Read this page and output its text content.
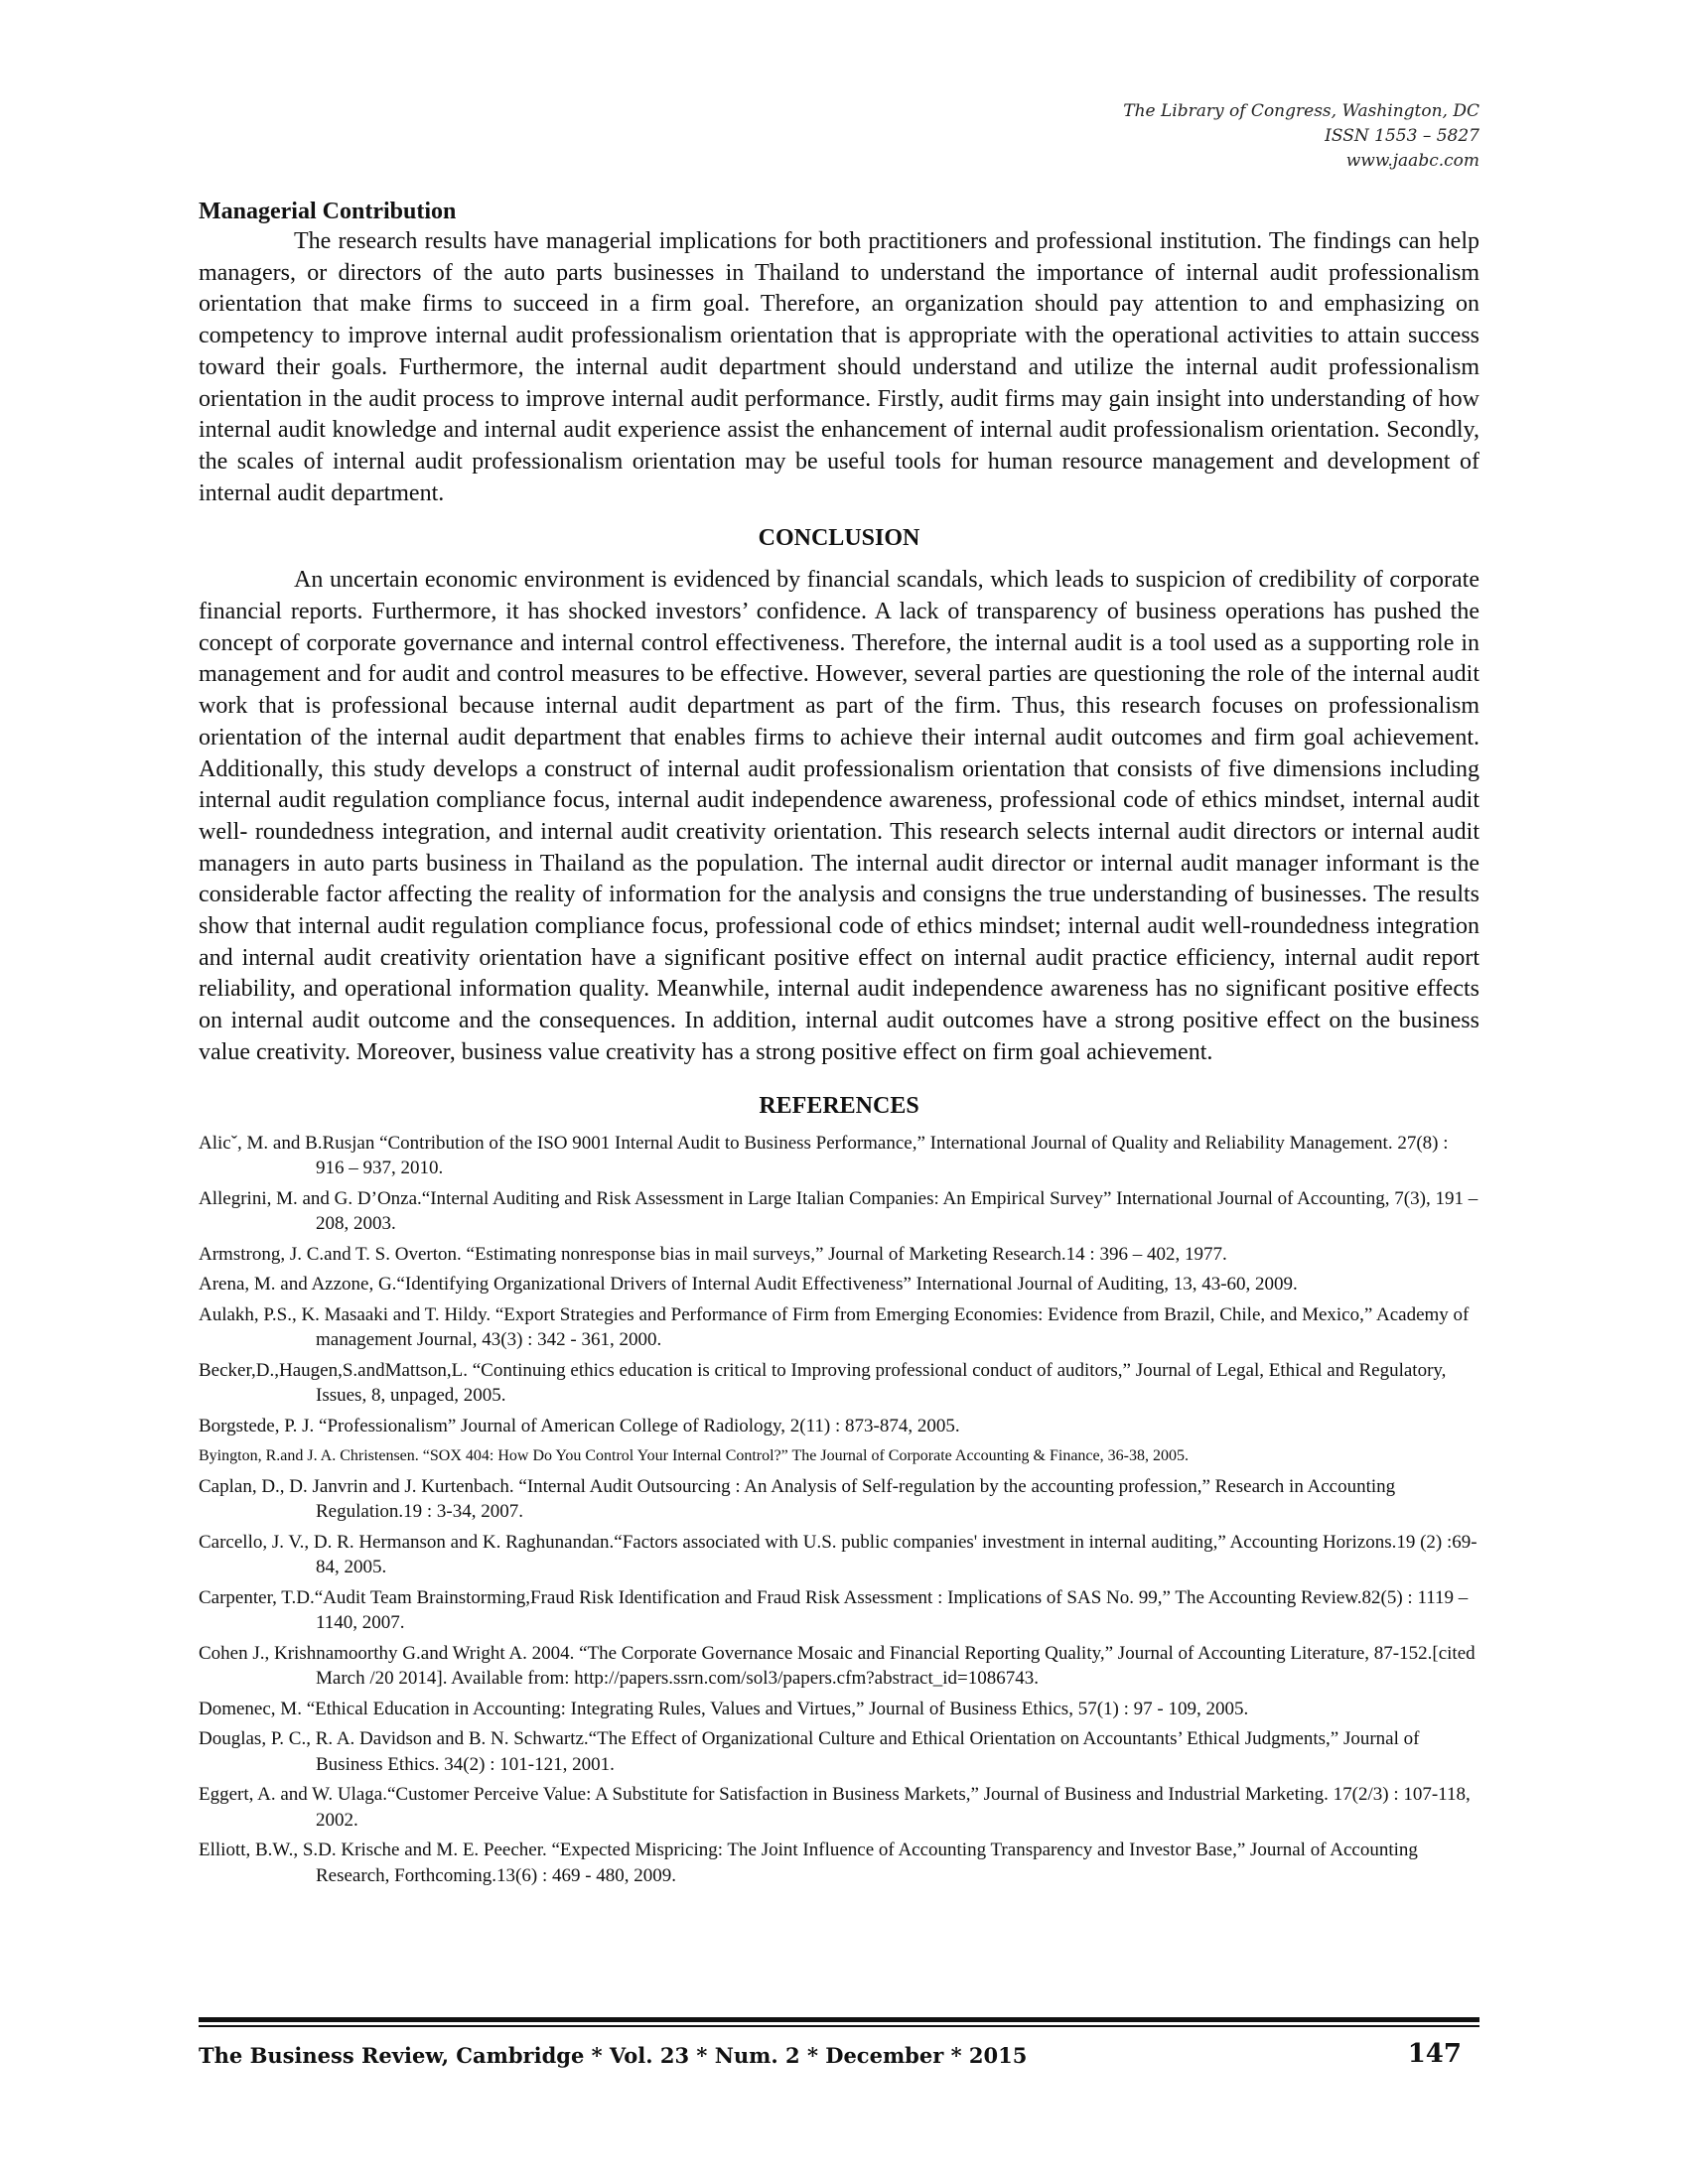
The Library of Congress, Washington, DC
ISSN 1553 – 5827
www.jaabc.com
Managerial Contribution

The research results have managerial implications for both practitioners and professional institution. The findings can help managers, or directors of the auto parts businesses in Thailand to understand the importance of internal audit professionalism orientation that make firms to succeed in a firm goal. Therefore, an organization should pay attention to and emphasizing on competency to improve internal audit professionalism orientation that is appropriate with the operational activities to attain success toward their goals. Furthermore, the internal audit department should understand and utilize the internal audit professionalism orientation in the audit process to improve internal audit performance. Firstly, audit firms may gain insight into understanding of how internal audit knowledge and internal audit experience assist the enhancement of internal audit professionalism orientation. Secondly, the scales of internal audit professionalism orientation may be useful tools for human resource management and development of internal audit department.

CONCLUSION

An uncertain economic environment is evidenced by financial scandals, which leads to suspicion of credibility of corporate financial reports. Furthermore, it has shocked investors’ confidence. A lack of transparency of business operations has pushed the concept of corporate governance and internal control effectiveness. Therefore, the internal audit is a tool used as a supporting role in management and for audit and control measures to be effective. However, several parties are questioning the role of the internal audit work that is professional because internal audit department as part of the firm. Thus, this research focuses on professionalism orientation of the internal audit department that enables firms to achieve their internal audit outcomes and firm goal achievement. Additionally, this study develops a construct of internal audit professionalism orientation that consists of five dimensions including internal audit regulation compliance focus, internal audit independence awareness, professional code of ethics mindset, internal audit well- roundedness integration, and internal audit creativity orientation. This research selects internal audit directors or internal audit managers in auto parts business in Thailand as the population. The internal audit director or internal audit manager informant is the considerable factor affecting the reality of information for the analysis and consigns the true understanding of businesses. The results show that internal audit regulation compliance focus, professional code of ethics mindset; internal audit well-roundedness integration and internal audit creativity orientation have a significant positive effect on internal audit practice efficiency, internal audit report reliability, and operational information quality. Meanwhile, internal audit independence awareness has no significant positive effects on internal audit outcome and the consequences. In addition, internal audit outcomes have a strong positive effect on the business value creativity. Moreover, business value creativity has a strong positive effect on firm goal achievement.

REFERENCES

Alicˇ, M. and B.Rusjan “Contribution of the ISO 9001 Internal Audit to Business Performance,” International Journal of Quality and Reliability Management. 27(8) : 916 – 937, 2010.

Allegrini, M. and G. D’Onza.“Internal Auditing and Risk Assessment in Large Italian Companies: An Empirical Survey” International Journal of Accounting, 7(3), 191 – 208, 2003.

Armstrong, J. C.and T. S. Overton. “Estimating nonresponse bias in mail surveys,” Journal of Marketing Research.14 : 396 – 402, 1977.

Arena, M. and Azzone, G.“Identifying Organizational Drivers of Internal Audit Effectiveness” International Journal of Auditing, 13, 43-60, 2009.

Aulakh, P.S., K. Masaaki and T. Hildy. “Export Strategies and Performance of Firm from Emerging Economies: Evidence from Brazil, Chile, and Mexico,” Academy of management Journal, 43(3) : 342 - 361, 2000.

Becker,D.,Haugen,S.andMattson,L. “Continuing ethics education is critical to Improving professional conduct of auditors,” Journal of Legal, Ethical and Regulatory, Issues, 8, unpaged, 2005.

Borgstede, P. J. “Professionalism” Journal of American College of Radiology, 2(11) : 873-874, 2005.

Byington, R.and J. A. Christensen. “SOX 404: How Do You Control Your Internal Control?” The Journal of Corporate Accounting & Finance, 36-38, 2005.

Caplan, D., D. Janvrin and J. Kurtenbach. “Internal Audit Outsourcing : An Analysis of Self-regulation by the accounting profession,” Research in Accounting Regulation.19 : 3-34, 2007.

Carcello, J. V., D. R. Hermanson and K. Raghunandan.“Factors associated with U.S. public companies' investment in internal auditing,” Accounting Horizons.19 (2) :69-84, 2005.

Carpenter, T.D.“Audit Team Brainstorming,Fraud Risk Identification and Fraud Risk Assessment : Implications of SAS No. 99,” The Accounting Review.82(5) : 1119 – 1140, 2007.

Cohen J., Krishnamoorthy G.and Wright A. 2004. “The Corporate Governance Mosaic and Financial Reporting Quality,” Journal of Accounting Literature, 87-152.[cited March /20 2014]. Available from: http://papers.ssrn.com/sol3/papers.cfm?abstract_id=1086743.

Domenec, M. “Ethical Education in Accounting: Integrating Rules, Values and Virtues,” Journal of Business Ethics, 57(1) : 97 - 109, 2005.

Douglas, P. C., R. A. Davidson and B. N. Schwartz.“The Effect of Organizational Culture and Ethical Orientation on Accountants’ Ethical Judgments,” Journal of Business Ethics. 34(2) : 101-121, 2001.

Eggert, A. and W. Ulaga.“Customer Perceive Value: A Substitute for Satisfaction in Business Markets,” Journal of Business and Industrial Marketing. 17(2/3) : 107-118, 2002.

Elliott, B.W., S.D. Krische and M. E. Peecher. “Expected Mispricing: The Joint Influence of Accounting Transparency and Investor Base,” Journal of Accounting Research, Forthcoming.13(6) : 469 - 480, 2009.

The Business Review, Cambridge * Vol. 23 * Num. 2 * December * 2015	147
